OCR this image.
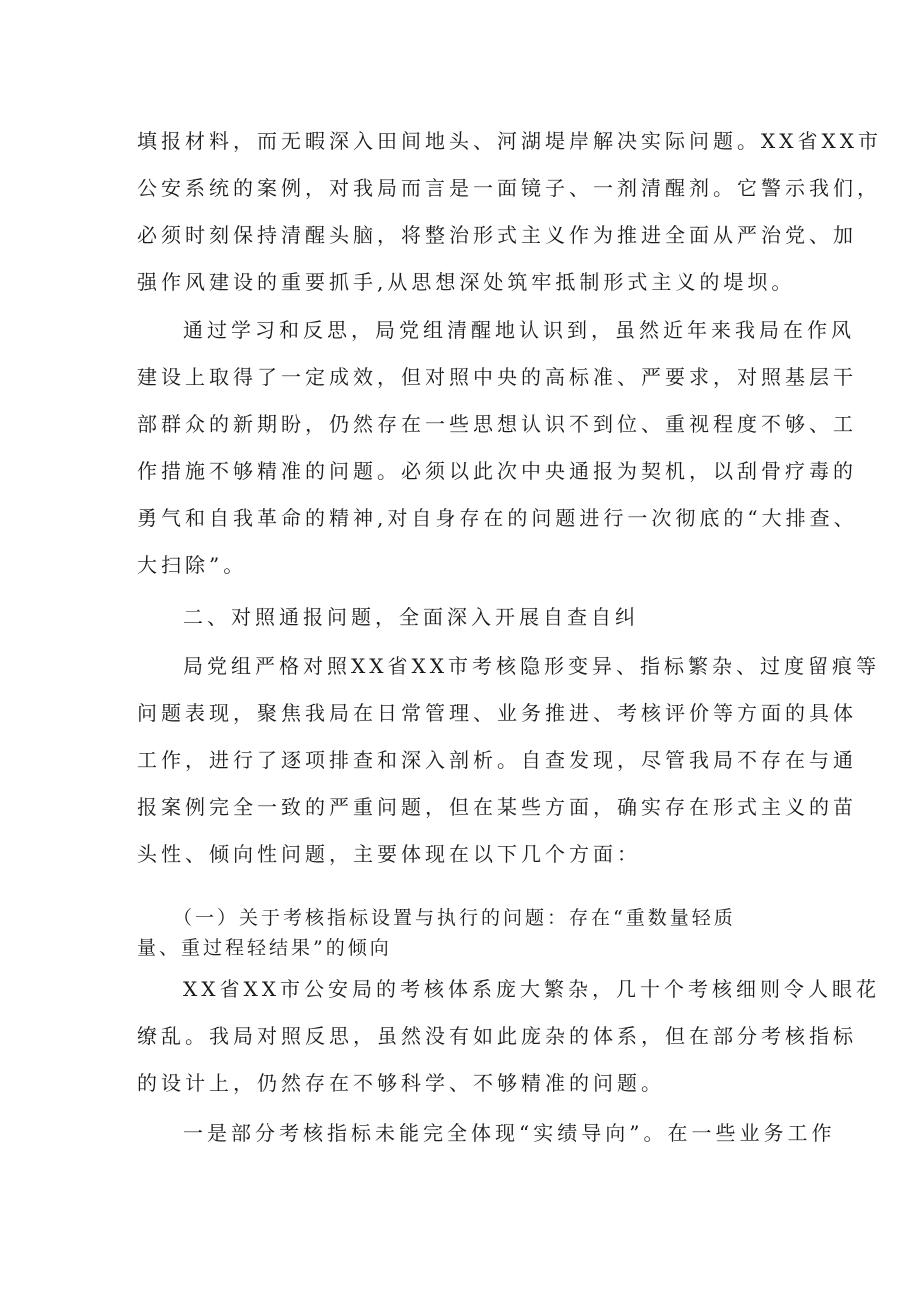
填报材料，而无暇深入田间地头、河湖堤岸解决实际问题。XX省XX市
公安系统的案例，对我局而言是一面镜子、一剂清醒剂。它警示我们，
必须时刻保持清醒头脑，将整治形式主义作为推进全面从严治党、加
强作风建设的重要抓手,从思想深处筑牢抵制形式主义的堤坝。
通过学习和反思，局党组清醒地认识到，虽然近年来我局在作风
建设上取得了一定成效，但对照中央的高标准、严要求，对照基层干
部群众的新期盼，仍然存在一些思想认识不到位、重视程度不够、工
作措施不够精准的问题。必须以此次中央通报为契机，以刮骨疗毒的
勇气和自我革命的精神,对自身存在的问题进行一次彻底的“大排查、
大扫除”。
二、对照通报问题，全面深入开展自查自纠
局党组严格对照XX省XX市考核隐形变异、指标繁杂、过度留痕等
问题表现，聚焦我局在日常管理、业务推进、考核评价等方面的具体
工作，进行了逐项排查和深入剖析。自查发现，尽管我局不存在与通
报案例完全一致的严重问题，但在某些方面，确实存在形式主义的苗
头性、倾向性问题，主要体现在以下几个方面：
（一）关于考核指标设置与执行的问题：存在“重数量轻质
量、重过程轻结果”的倾向
XX省XX市公安局的考核体系庞大繁杂，几十个考核细则令人眼花
缭乱。我局对照反思，虽然没有如此庞杂的体系，但在部分考核指标
的设计上，仍然存在不够科学、不够精准的问题。
一是部分考核指标未能完全体现“实绩导向”。在一些业务工作
